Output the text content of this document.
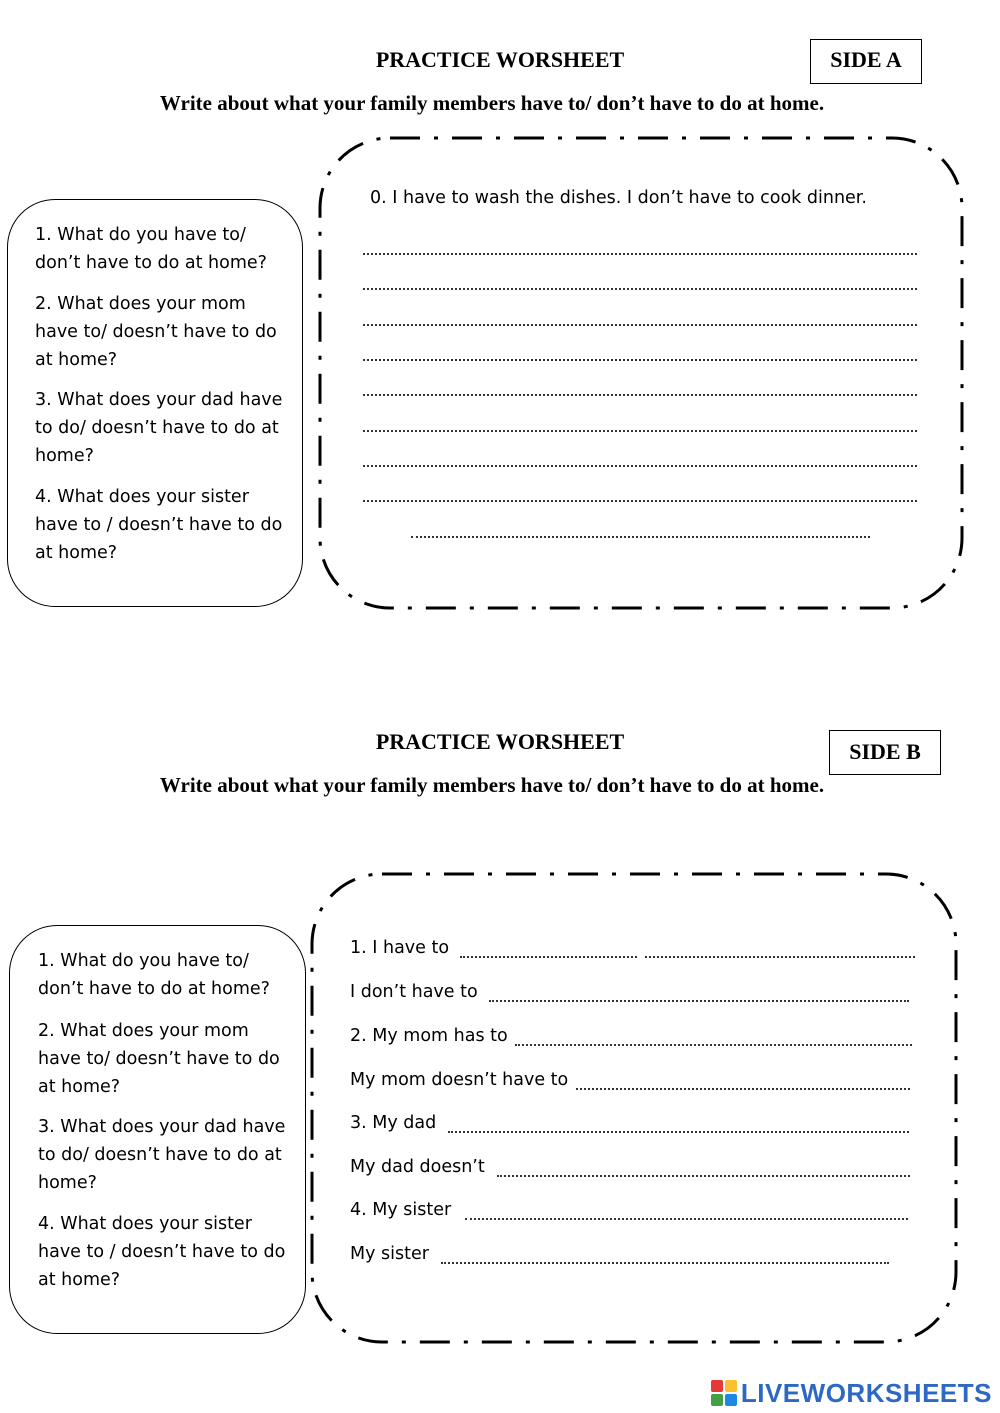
PRACTICE WORSHEET	SIDE A
Write about what your family members have to/ don’t have to do at home.
1. What do you have to/
don’t have to do at home?
2. What does your mom
have to/ doesn’t have to do
at home?
3. What does your dad have
to do/ doesn’t have to do at
home?
4. What does your sister
have to / doesn’t have to do
at home?
0. I have to wash the dishes. I don’t have to cook dinner.
PRACTICE WORSHEET	SIDE B
Write about what your family members have to/ don’t have to do at home.
1. What do you have to/
don’t have to do at home?
2. What does your mom
have to/ doesn’t have to do
at home?
3. What does your dad have
to do/ doesn’t have to do at
home?
4. What does your sister
have to / doesn’t have to do
at home?
1. I have to
I don’t have to
2. My mom has to
My mom doesn’t have to
3. My dad
My dad doesn’t
4. My sister
My sister
LIVEWORKSHEETS
